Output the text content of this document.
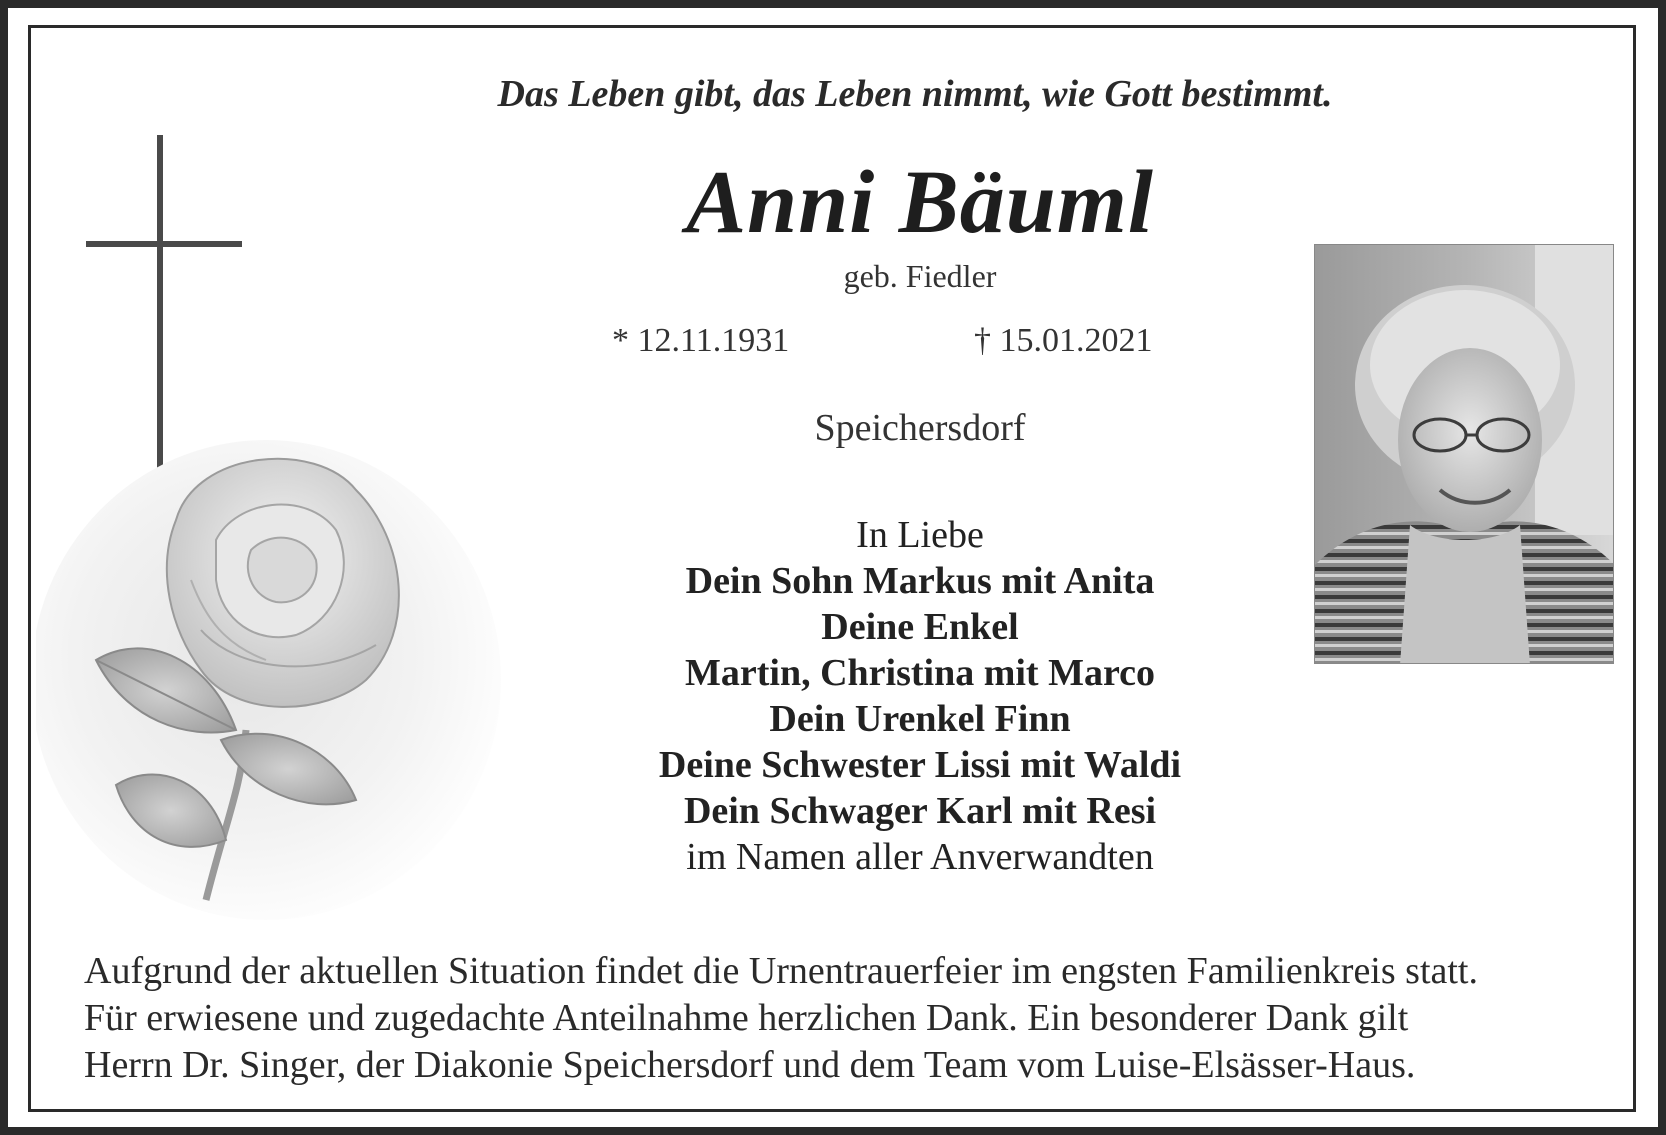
Das Leben gibt, das Leben nimmt, wie Gott bestimmt.
Anni Bäuml
geb. Fiedler
* 12.11.1931	† 15.01.2021
Speichersdorf
In Liebe
Dein Sohn Markus mit Anita
Deine Enkel
Martin, Christina mit Marco
Dein Urenkel Finn
Deine Schwester Lissi mit Waldi
Dein Schwager Karl mit Resi
im Namen aller Anverwandten
Aufgrund der aktuellen Situation findet die Urnentrauerfeier im engsten Familienkreis statt.
Für erwiesene und zugedachte Anteilnahme herzlichen Dank. Ein besonderer Dank gilt
Herrn Dr. Singer, der Diakonie Speichersdorf und dem Team vom Luise-Elsässer-Haus.
